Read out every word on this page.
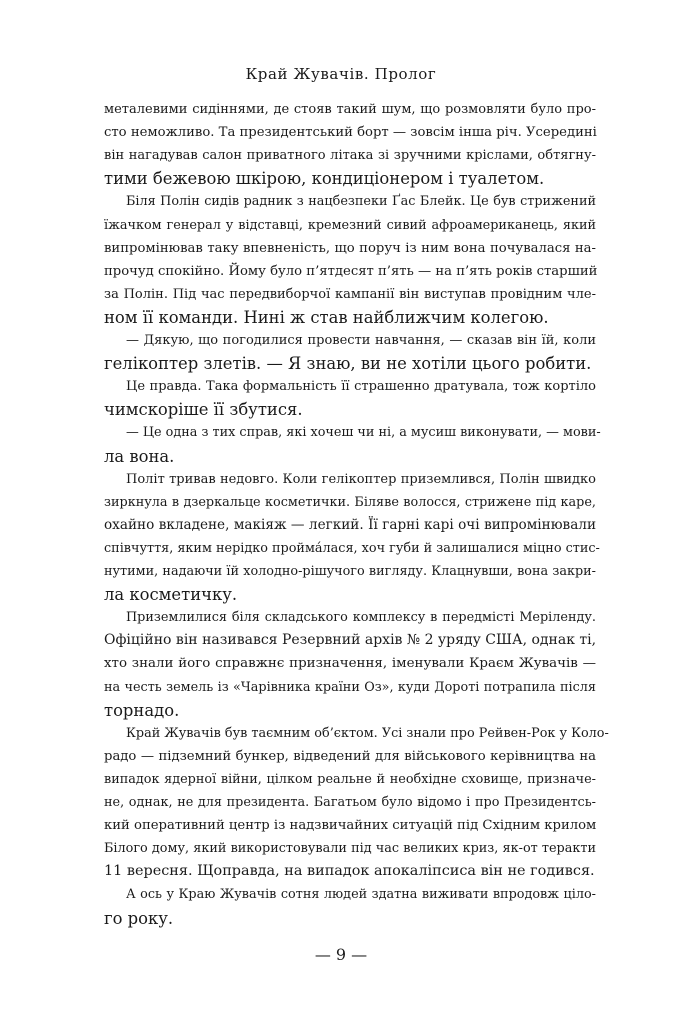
Край Жувачів. Пролог
металевими сидіннями, де стояв такий шум, що розмовляти було про-
сто неможливо. Та президентський борт — зовсім інша річ. Усередині
він нагадував салон приватного літака зі зручними кріслами, обтягну-
тими бежевою шкірою, кондиціонером і туалетом.
Біля Полін сидів радник з нацбезпеки Ґас Блейк. Це був стрижений
їжачком генерал у відставці, кремезний сивий афроамериканець, який
випромінював таку впевненість, що поруч із ним вона почувалася на-
прочуд спокійно. Йому було п’ятдесят п’ять — на п’ять років старший
за Полін. Під час передвиборчої кампанії він виступав провідним чле-
ном її команди. Нині ж став найближчим колегою.
— Дякую, що погодилися провести навчання, — сказав він їй, коли
гелікоптер злетів. — Я знаю, ви не хотіли цього робити.
Це правда. Така формальність її страшенно дратувала, тож кортіло
чимскоріше її збутися.
— Це одна з тих справ, які хочеш чи ні, а мусиш виконувати, — мови-
ла вона.
Політ тривав недовго. Коли гелікоптер приземлився, Полін швидко
зиркнула в дзеркальце косметички. Біляве волосся, стрижене під каре,
охайно вкладене, макіяж — легкий. Її гарні карі очі випромінювали
співчуття, яким нерідко пройма́лася, хоч губи й залишалися міцно стис-
нутими, надаючи їй холодно-рішучого вигляду. Клацнувши, вона закри-
ла косметичку.
Приземлилися біля складського комплексу в передмісті Меріленду.
Офіційно він називався Резервний архів № 2 уряду США, однак ті,
хто знали його справжнє призначення, іменували Краєм Жувачів —
на честь земель із «Чарівника країни Оз», куди Дороті потрапила після
торнадо.
Край Жувачів був таємним об’єктом. Усі знали про Рейвен-Рок у Коло-
радо — підземний бункер, відведений для військового керівництва на
випадок ядерної війни, цілком реальне й необхідне сховище, призначе-
не, однак, не для президента. Багатьом було відомо і про Президентсь-
кий оперативний центр із надзвичайних ситуацій під Східним крилом
Білого дому, який використовували під час великих криз, як-от теракти
11 вересня. Щоправда, на випадок апокаліпсиса він не годився.
А ось у Краю Жувачів сотня людей здатна виживати впродовж ціло-
го року.
— 9 —
